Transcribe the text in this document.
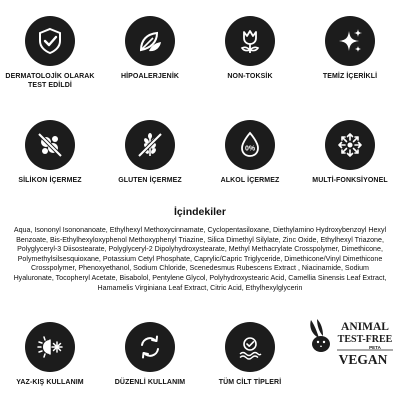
DERMATOLOJİK OLARAK
TEST EDİLDİ
HİPOALERJENİK	NON-TOKSİK	TEMİZ İÇERİKLİ
SİLİKON İÇERMEZ	GLUTEN İÇERMEZ
0%
ALKOL İÇERMEZ	MULTİ-FONKSİYONEL
İçindekiler
Aqua, Isononyl Isononanoate, Ethylhexyl Methoxycinnamate, Cyclopentasiloxane, Diethylamino Hydroxybenzoyl Hexyl Benzoate, Bis-Ethylhexyloxyphenol Methoxyphenyl Triazine, Silica Dimethyl Silylate, Zinc Oxide, Ethylhexyl Triazone, Polyglyceryl-3 Diisostearate, Polyglyceryl-2 Dipolyhydroxystearate, Methyl Methacrylate Crosspolymer, Dimethicone, Polymethylsilsesquioxane, Potassium Cetyl Phosphate, Caprylic/Capric Triglyceride, Dimethicone/Vinyl Dimethicone Crosspolymer, Phenoxyethanol, Sodium Chloride, Scenedesmus Rubescens Extract , Niacinamide, Sodium Hyaluronate, Tocopheryl Acetate, Bisabolol, Pentylene Glycol, Polyhydroxystearic Acid, Camellia Sinensis Leaf Extract, Hamamelis Virginiana Leaf Extract, Citric Acid, Ethylhexylglycerin
YAZ-KIŞ KULLANIM	DÜZENLİ KULLANIM	TÜM CİLT TİPLERİ
ANIMAL
TEST-FREE
PETA
VEGAN
